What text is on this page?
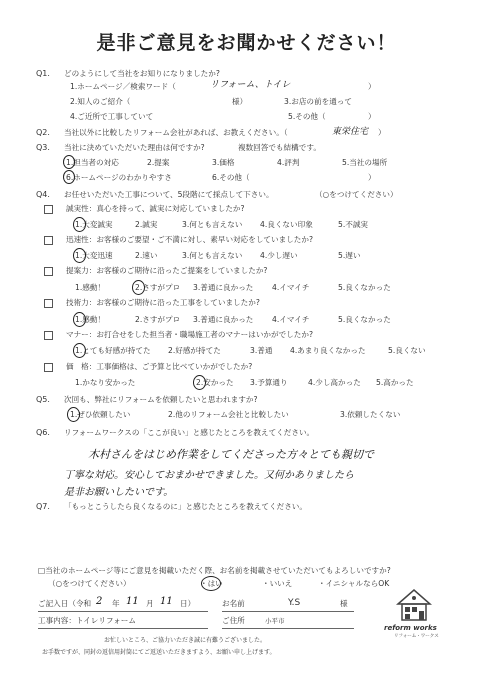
是非ご意見をお聞かせください！
Q1. どのようにして当社をお知りになりましたか?
1.ホームページ／検索ワード（	リフォーム、トイレ	）
2.知人のご紹介（	様）	3.お店の前を通って
4.ご近所で工事していて	5.その他（	）
Q2. 当社以外に比較したリフォーム会社があれば、お教えください。（	東栄住宅 ）
Q3. 当社に決めていただいた理由は何ですか?	複数回答でも結構です。
1.担当者の対応	2.提案	3.価格	4.評判	5.当社の場所
6.ホームページのわかりやすさ	6.その他（	）
Q4. お任せいただいた工事について、5段階にて採点して下さい。	（○をつけてください）
誠実性：真心を持って、誠実に対応していましたか?
1.大変誠実	2.誠実	3.何とも言えない 4.良くない印象	5.不誠実
迅速性：お客様のご要望・ご不満に対し、素早い対応をしていましたか?
1.大変迅速	2.速い	3.何とも言えない 4.少し遅い	5.遅い
提案力：お客様のご期待に沿ったご提案をしていましたか?
1.感動！	2.さすがプロ 3.普通に良かった 4.イマイチ	5.良くなかった
技術力：お客様のご期待に沿った工事をしていましたか?
1.感動！	2.さすがプロ 3.普通に良かった 4.イマイチ	5.良くなかった
マナー：お打合せをした担当者・職場施工者のマナーはいかがでしたか?
1.とても好感が持てた 2.好感が持てた	3.普通 4.あまり良くなかった	5.良くない
価　格：工事価格は、ご予算と比べていかがでしたか?
1.かなり安かった	2.安かった 3.予算通り	4.少し高かった 5.高かった
Q5. 次回も、弊社にリフォームを依頼したいと思われますか?
1.ぜひ依頼したい	2.他のリフォーム会社と比較したい	3.依頼したくない
Q6. リフォームワークスの「ここが良い」と感じたところを教えてください。
木村さんをはじめ作業をしてくださった方々とても親切で
丁寧な対応。安心しておまかせできました。又何かありましたら
是非お願いしたいです。
Q7. 「もっとこうしたら良くなるのに」と感じたところを教えてください。
□当社のホームページ等にご意見を掲載いただく際、お名前を掲載させていただいてもよろしいですか?
（○をつけてください）	・はい	・いいえ	・イニシャルならOK
ご記入日（令和 2 年 11 月 11 日）	お名前	Y.S	様
工事内容： トイレリフォーム	ご住所	小平市
お忙しいところ、ご協力いただき誠に有難うございました。
お手数ですが、同封の返信用封筒にてご返送いただきますよう、お願い申し上げます。
reform works
リフォーム・ワークス
